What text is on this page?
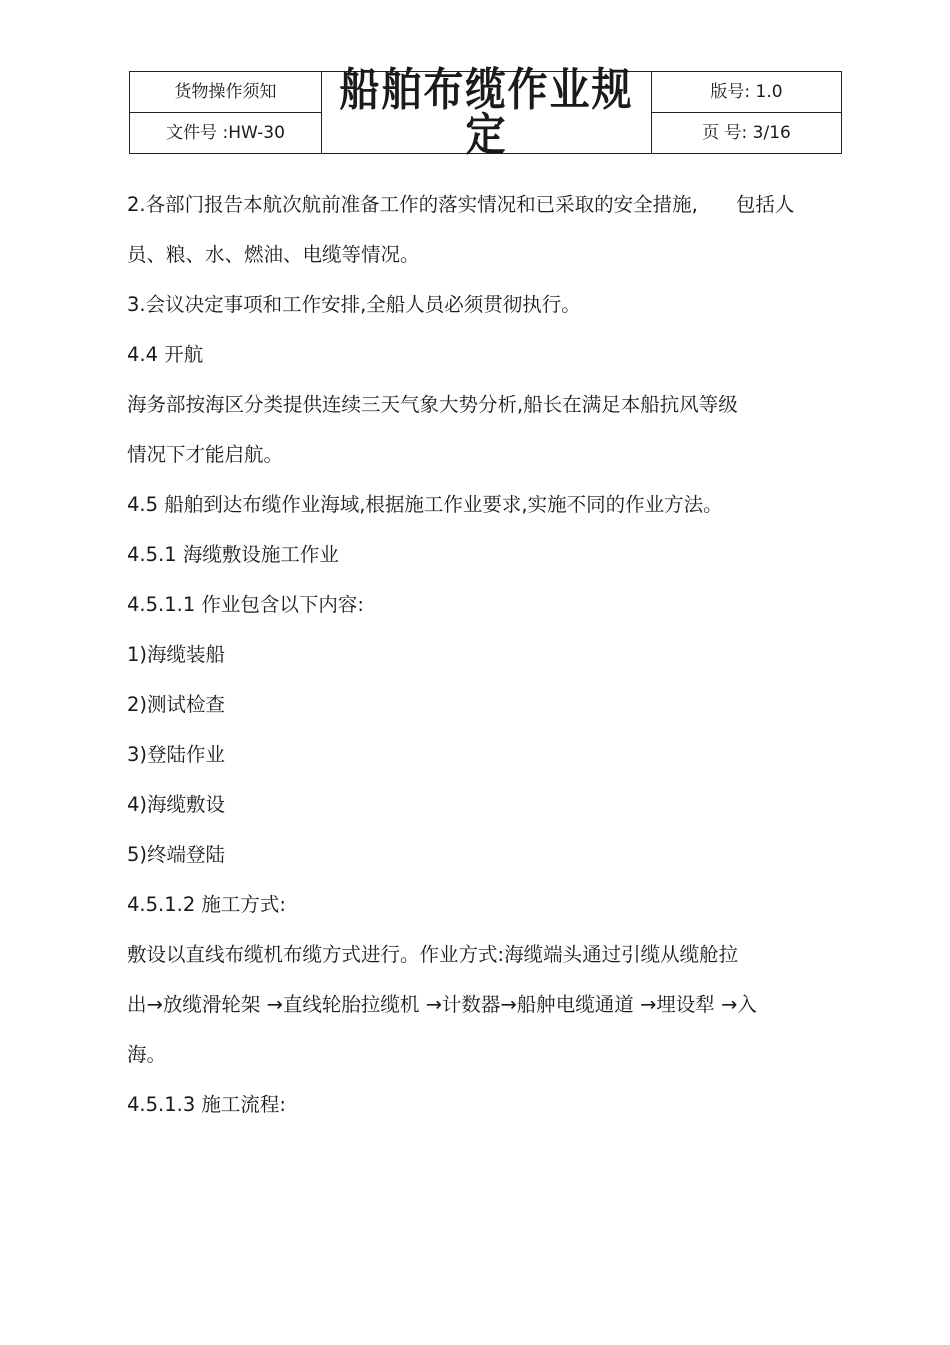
货物操作须知	船舶布缆作业规定	版号: 1.0
文件号 :HW-30		页 号: 3/16
2.各部门报告本航次航前准备工作的落实情况和已采取的安全措施, 包括人
员、粮、水、燃油、电缆等情况。
3.会议决定事项和工作安排,全船人员必须贯彻执行。
4.4 开航
海务部按海区分类提供连续三天气象大势分析,船长在满足本船抗风等级
情况下才能启航。
4.5 船舶到达布缆作业海域,根据施工作业要求,实施不同的作业方法。
4.5.1 海缆敷设施工作业
4.5.1.1 作业包含以下内容:
1)海缆装船
2)测试检查
3)登陆作业
4)海缆敷设
5)终端登陆
4.5.1.2 施工方式:
敷设以直线布缆机布缆方式进行。作业方式:海缆端头通过引缆从缆舱拉
出→放缆滑轮架 →直线轮胎拉缆机 →计数器→船舯电缆通道 →埋设犁 →入
海。
4.5.1.3 施工流程:
